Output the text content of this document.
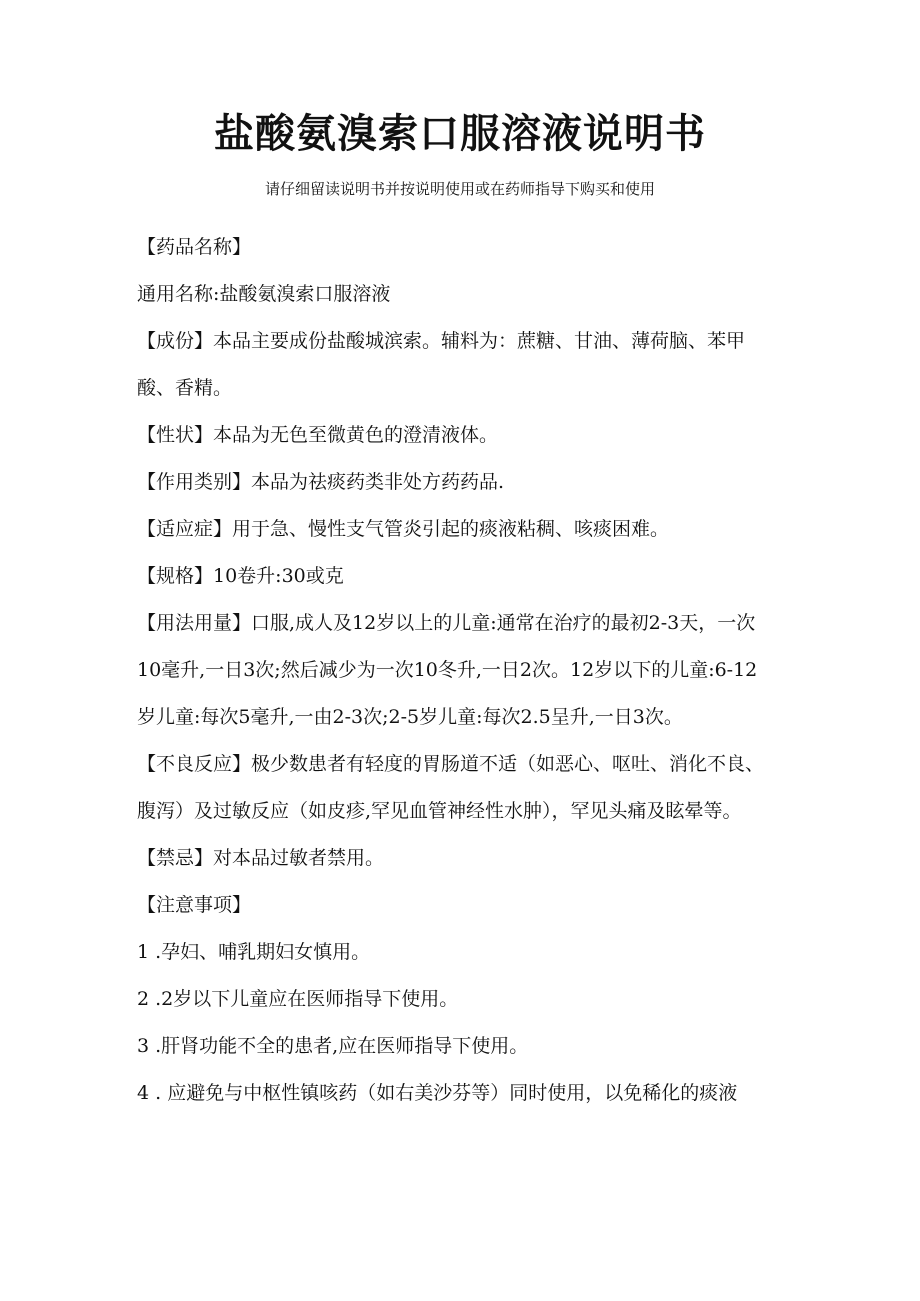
盐酸氨溴索口服溶液说明书
请仔细留读说明书并按说明使用或在药师指导下购买和使用
【药品名称】
通用名称:盐酸氨溴索口服溶液
【成份】本品主要成份盐酸城滨索。辅料为：蔗糖、甘油、薄荷脑、苯甲
酸、香精。
【性状】本品为无色至微黄色的澄清液体。
【作用类别】本品为祛痰药类非处方药药品.
【适应症】用于急、慢性支气管炎引起的痰液粘稠、咳痰困难。
【规格】10卷升:30或克
【用法用量】口服,成人及12岁以上的儿童:通常在治疗的最初2-3天，一次
10毫升,一日3次;然后减少为一次10冬升,一日2次。12岁以下的儿童:6-12
岁儿童:每次5毫升,一由2-3次;2-5岁儿童:每次2.5呈升,一日3次。
【不良反应】极少数患者有轻度的胃肠道不适（如恶心、呕吐、消化不良、
腹泻）及过敏反应（如皮疹,罕见血管神经性水肿），罕见头痛及眩晕等。
【禁忌】对本品过敏者禁用。
【注意事项】
1 .孕妇、哺乳期妇女慎用。
2 .2岁以下儿童应在医师指导下使用。
3 .肝肾功能不全的患者,应在医师指导下使用。
4 . 应避免与中枢性镇咳药（如右美沙芬等）同时使用，以免稀化的痰液
